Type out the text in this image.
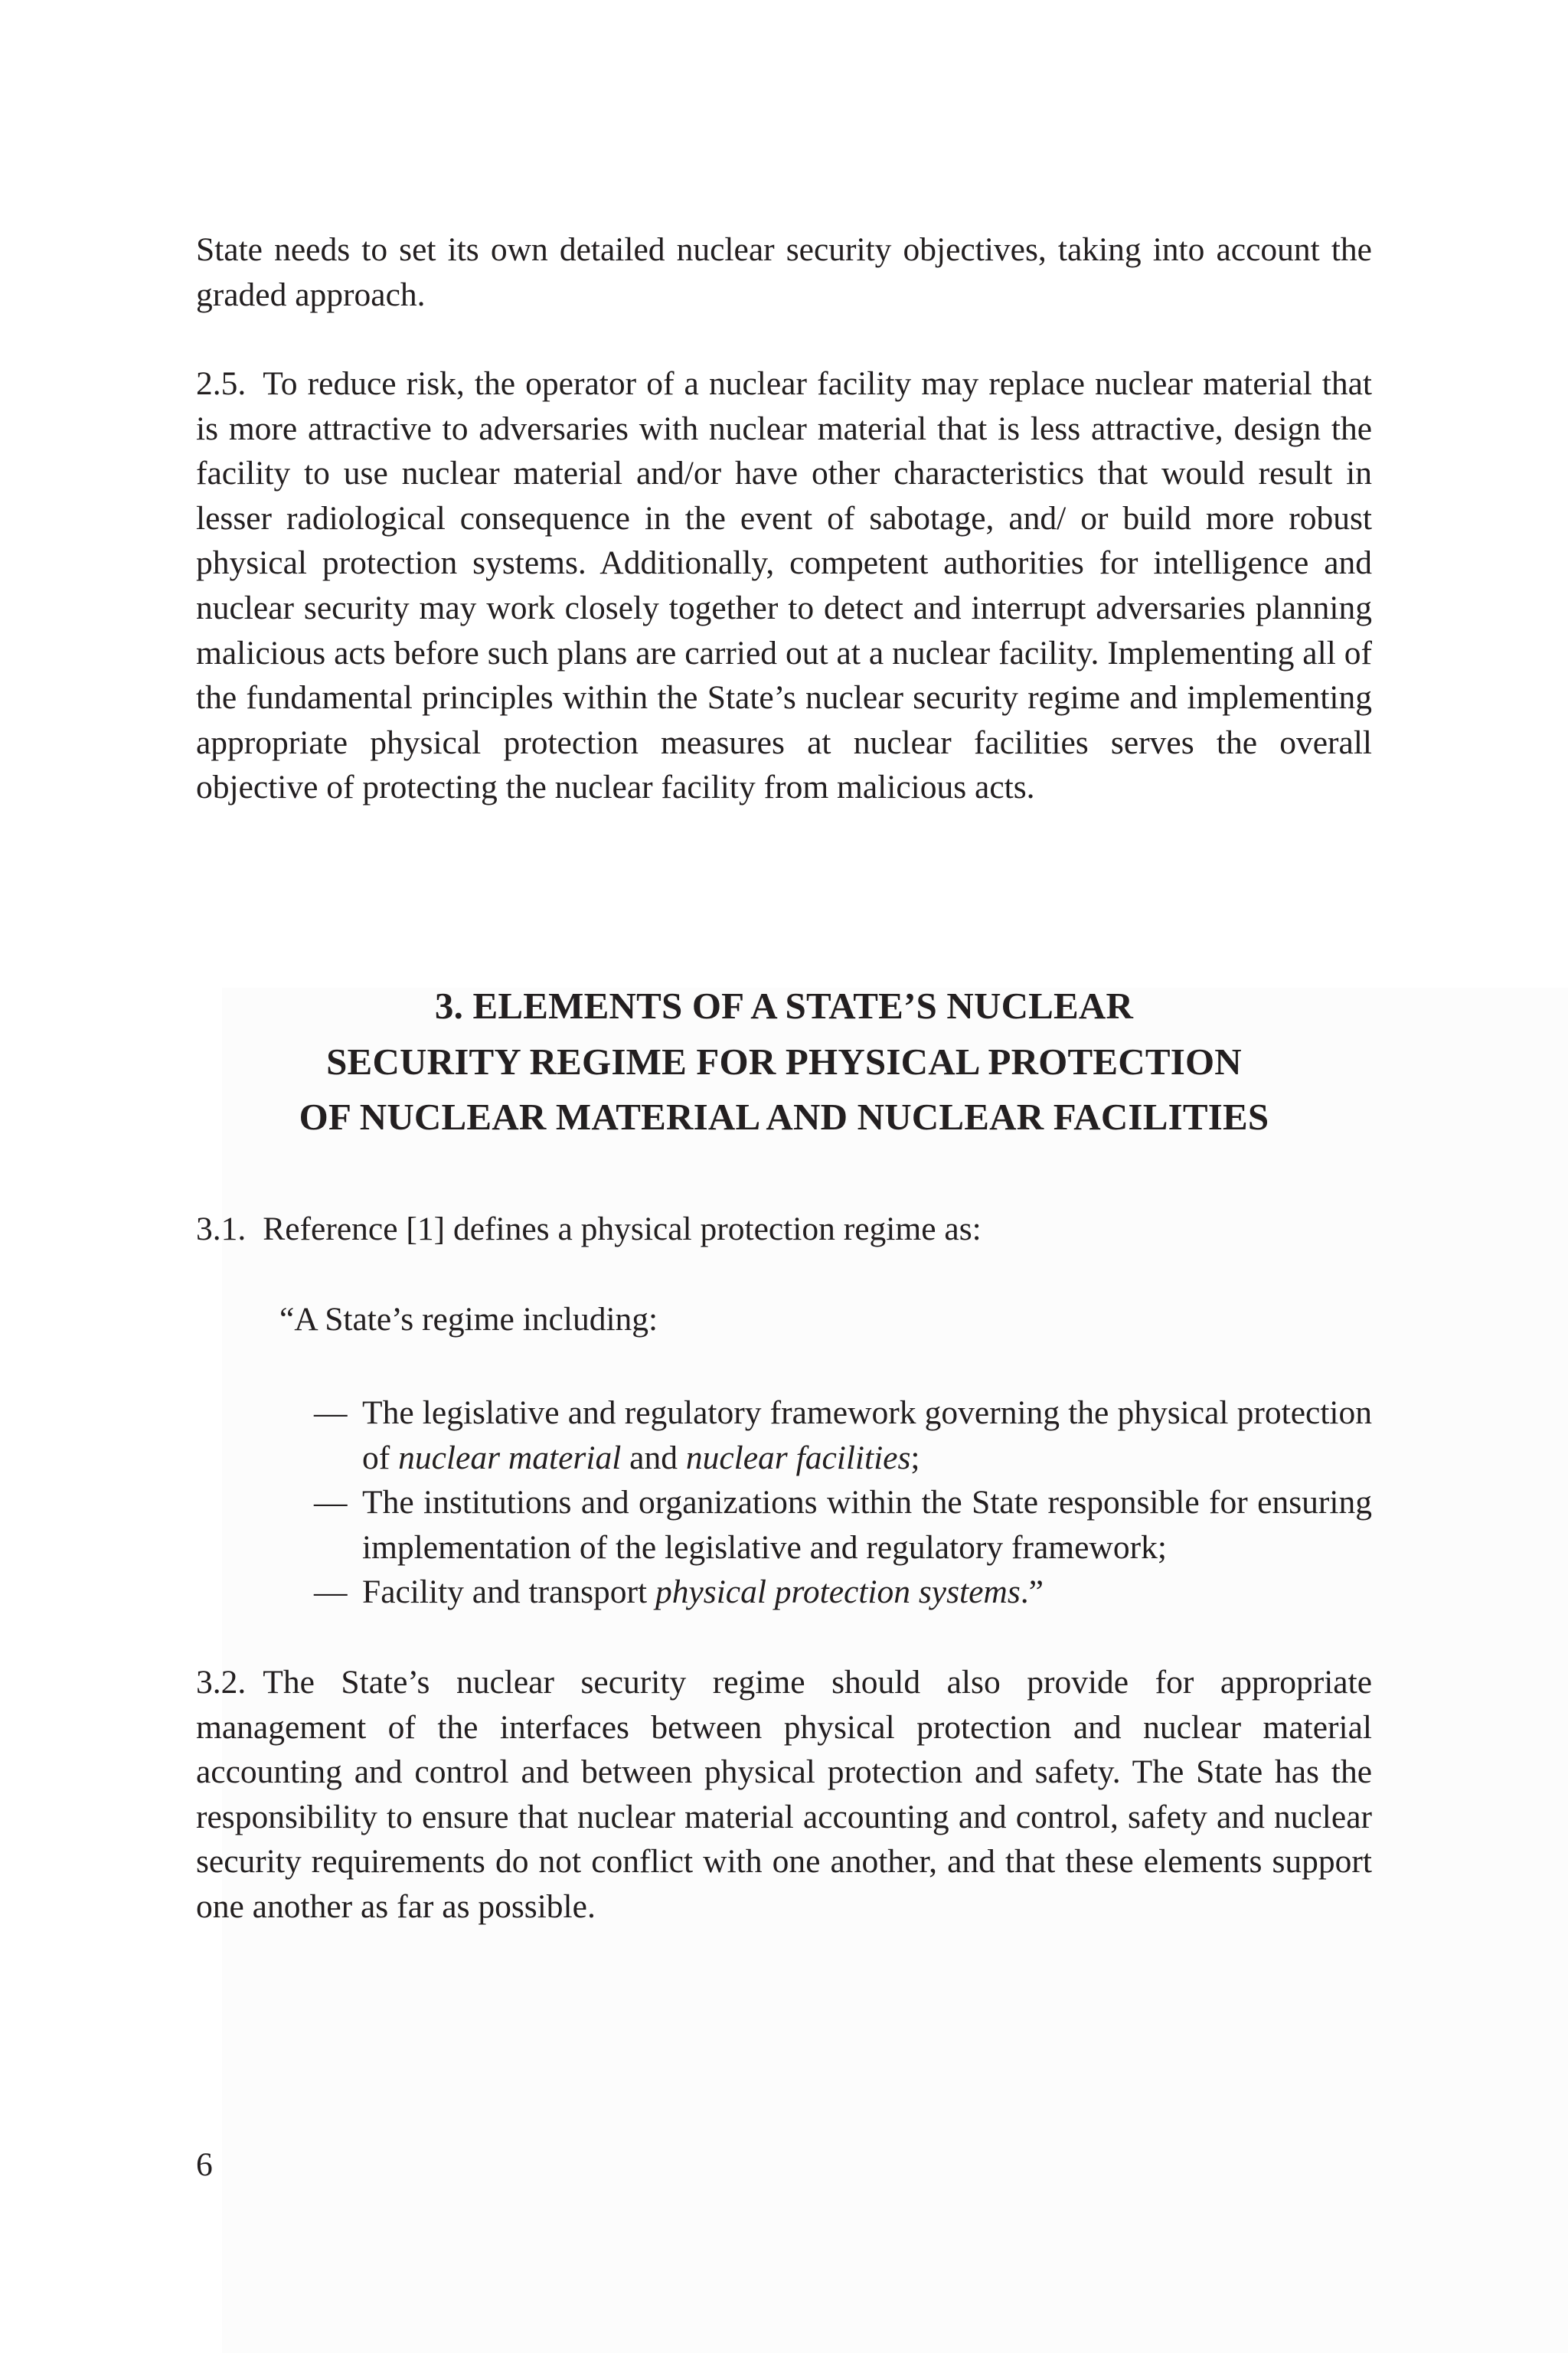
State needs to set its own detailed nuclear security objectives, taking into account the graded approach.

2.5. To reduce risk, the operator of a nuclear facility may replace nuclear material that is more attractive to adversaries with nuclear material that is less attractive, design the facility to use nuclear material and/or have other characteristics that would result in lesser radiological consequence in the event of sabotage, and/ or build more robust physical protection systems. Additionally, competent authorities for intelligence and nuclear security may work closely together to detect and interrupt adversaries planning malicious acts before such plans are carried out at a nuclear facility. Implementing all of the fundamental principles within the State’s nuclear security regime and implementing appropriate physical protection measures at nuclear facilities serves the overall objective of protecting the nuclear facility from malicious acts.

3. ELEMENTS OF A STATE’S NUCLEAR
SECURITY REGIME FOR PHYSICAL PROTECTION
OF NUCLEAR MATERIAL AND NUCLEAR FACILITIES

3.1. Reference [1] defines a physical protection regime as:

“A State’s regime including:

— The legislative and regulatory framework governing the physical protection of nuclear material and nuclear facilities;
— The institutions and organizations within the State responsible for ensuring implementation of the legislative and regulatory framework;
— Facility and transport physical protection systems.”

3.2. The State’s nuclear security regime should also provide for appropriate management of the interfaces between physical protection and nuclear material accounting and control and between physical protection and safety. The State has the responsibility to ensure that nuclear material accounting and control, safety and nuclear security requirements do not conflict with one another, and that these elements support one another as far as possible.

6
